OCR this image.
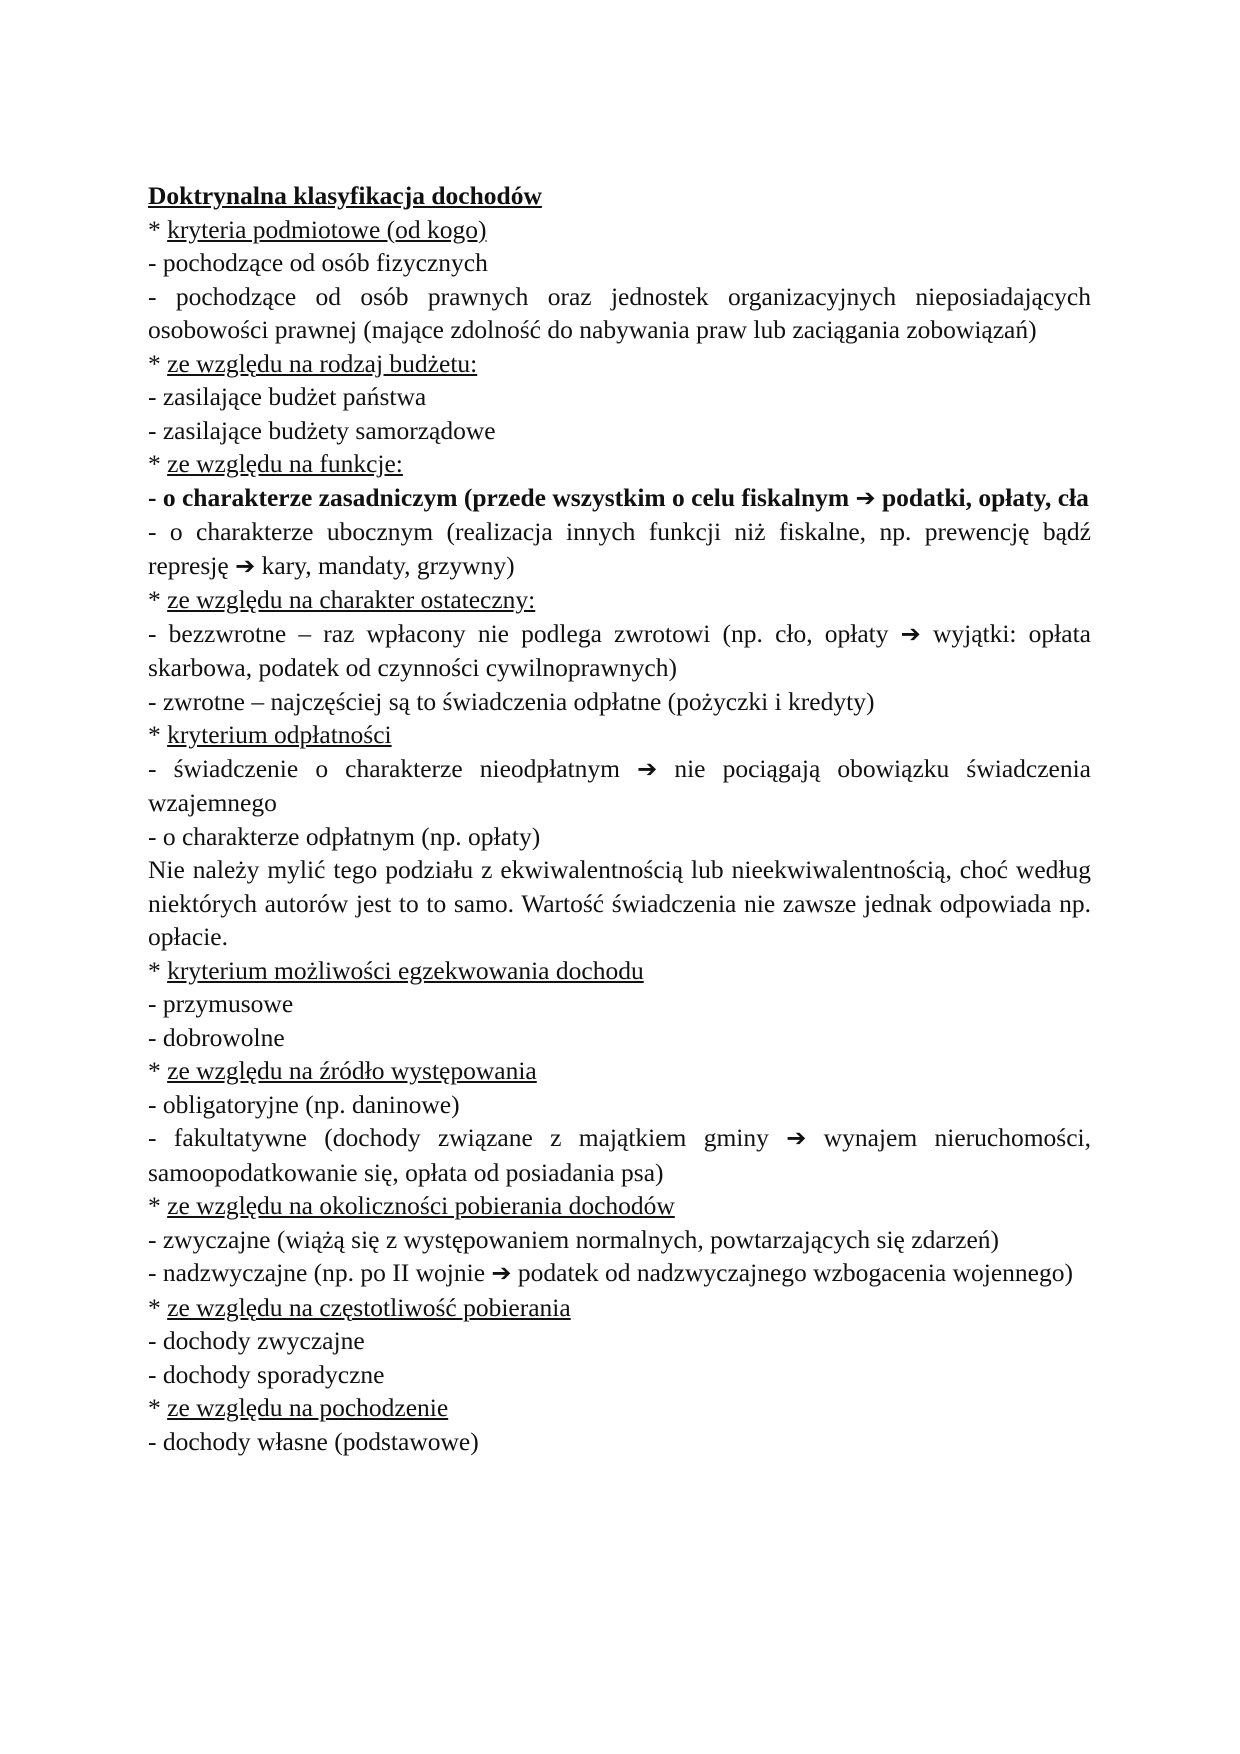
Doktrynalna klasyfikacja dochodów

* kryteria podmiotowe (od kogo)

- pochodzące od osób fizycznych

- pochodzące od osób prawnych oraz jednostek organizacyjnych nieposiadających osobowości prawnej (mające zdolność do nabywania praw lub zaciągania zobowiązań)

* ze względu na rodzaj budżetu:

- zasilające budżet państwa

- zasilające budżety samorządowe

* ze względu na funkcje:

- o charakterze zasadniczym (przede wszystkim o celu fiskalnym ➔ podatki, opłaty, cła

- o charakterze ubocznym (realizacja innych funkcji niż fiskalne, np. prewencję bądź represję ➔ kary, mandaty, grzywny)

* ze względu na charakter ostateczny:

- bezzwrotne – raz wpłacony nie podlega zwrotowi (np. cło, opłaty ➔ wyjątki: opłata skarbowa, podatek od czynności cywilnoprawnych)

- zwrotne – najczęściej są to świadczenia odpłatne (pożyczki i kredyty)

* kryterium odpłatności

- świadczenie o charakterze nieodpłatnym ➔ nie pociągają obowiązku świadczenia wzajemnego

- o charakterze odpłatnym (np. opłaty)

Nie należy mylić tego podziału z ekwiwalentnością lub nieekwiwalentnością, choć według niektórych autorów jest to to samo. Wartość świadczenia nie zawsze jednak odpowiada np. opłacie.

* kryterium możliwości egzekwowania dochodu

- przymusowe

- dobrowolne

* ze względu na źródło występowania

- obligatoryjne (np. daninowe)

- fakultatywne (dochody związane z majątkiem gminy ➔ wynajem nieruchomości, samoopodatkowanie się, opłata od posiadania psa)

* ze względu na okoliczności pobierania dochodów

- zwyczajne (wiążą się z występowaniem normalnych, powtarzających się zdarzeń)

- nadzwyczajne (np. po II wojnie ➔ podatek od nadzwyczajnego wzbogacenia wojennego)

* ze względu na częstotliwość pobierania

- dochody zwyczajne

- dochody sporadyczne

* ze względu na pochodzenie

- dochody własne (podstawowe)
